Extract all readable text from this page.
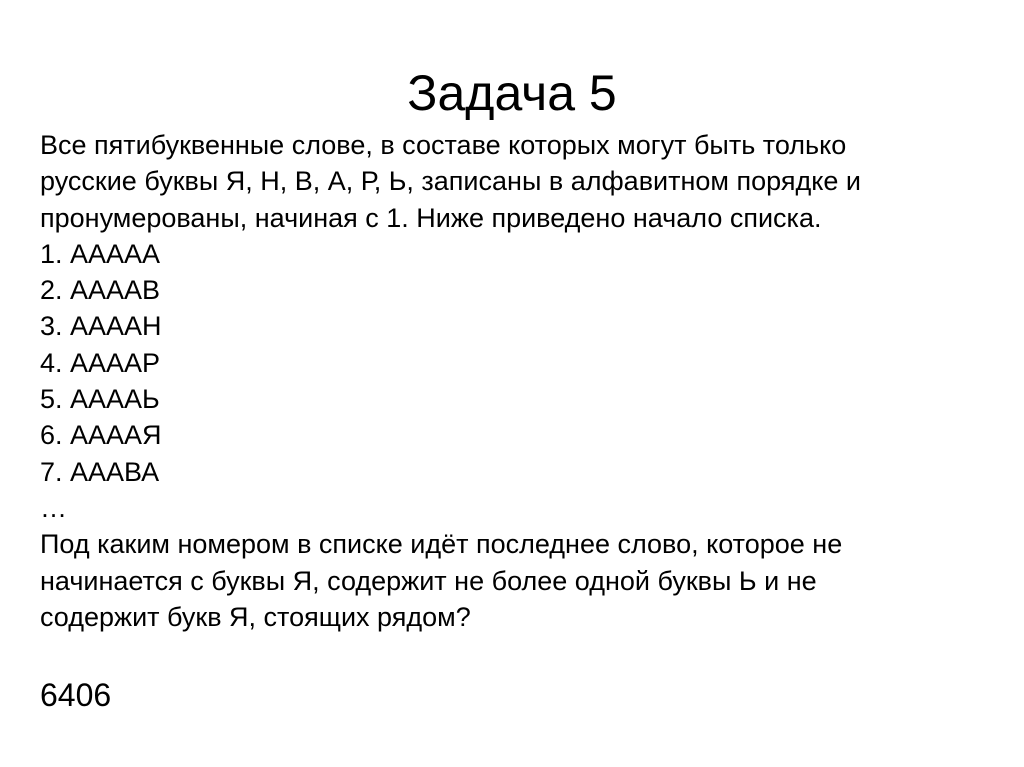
Задача 5

Все пятибуквенные слове, в составе которых могут быть только

русские буквы Я, Н, В, А, Р, Ь, записаны в алфавитном порядке и

пронумерованы, начиная с 1. Ниже приведено начало списка.

1. ААААА

2. ААААВ

3. ААААН

4. ААААР

5. ААААЬ

6. ААААЯ

7. АААВА

…

Под каким номером в списке идёт последнее слово, которое не

начинается с буквы Я, содержит не более одной буквы Ь и не

содержит букв Я, стоящих рядом?

6406
